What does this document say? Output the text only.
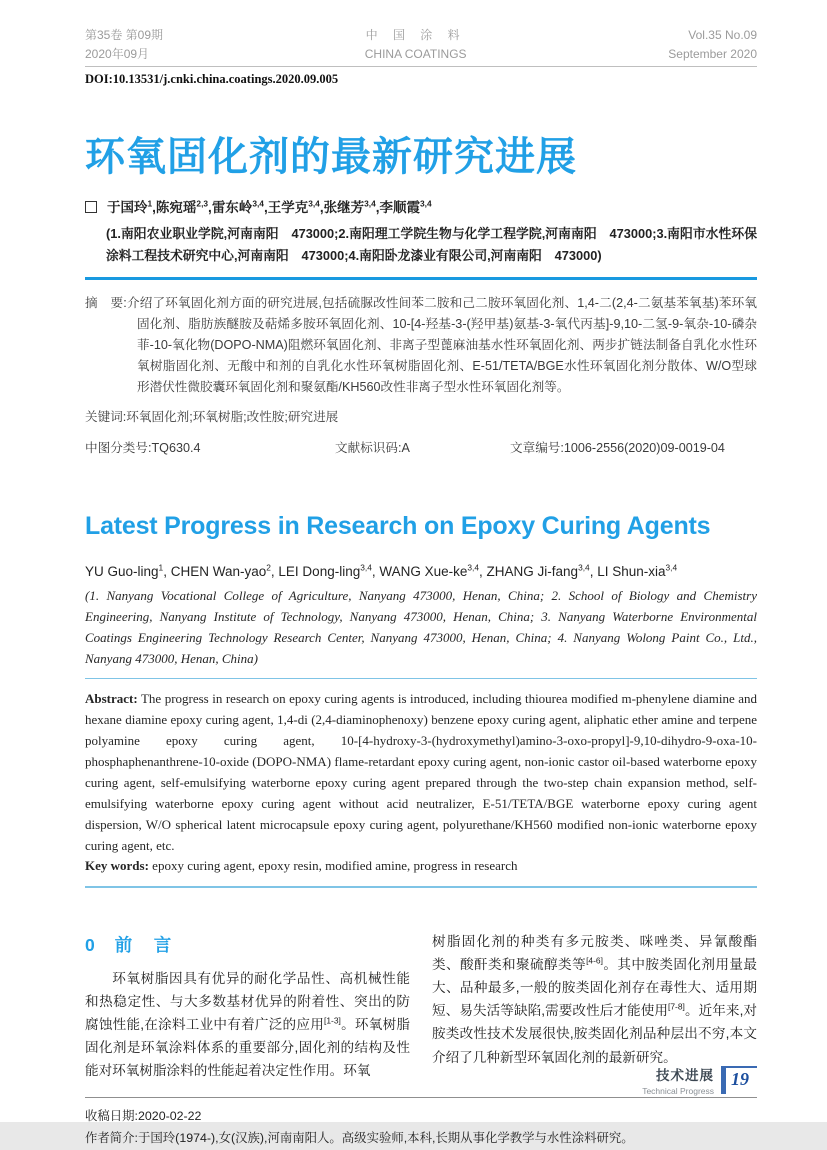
第35卷 第09期
2020年09月
中 国 涂 料
CHINA COATINGS
Vol.35 No.09
September 2020
DOI:10.13531/j.cnki.china.coatings.2020.09.005
环氧固化剂的最新研究进展
于国玲$^1$,陈宛瑶$^{2,3}$,雷东岭$^{3,4}$,王学克$^{3,4}$,张继芳$^{3,4}$,李顺霞$^{3,4}$
(1.南阳农业职业学院,河南南阳　473000;2.南阳理工学院生物与化学工程学院,河南南阳　473000;3.南阳市水性环保涂料工程技术研究中心,河南南阳　473000;4.南阳卧龙漆业有限公司,河南南阳　473000)
摘　要:介绍了环氧固化剂方面的研究进展,包括硫脲改性间苯二胺和己二胺环氧固化剂、1,4-二(2,4-二氨基苯氧基)苯环氧固化剂、脂肪族醚胺及萜烯多胺环氧固化剂、10-[4-羟基-3-(羟甲基)氨基-3-氧代丙基]-9,10-二氢-9-氧杂-10-磷杂菲-10-氧化物(DOPO-NMA)阻燃环氧固化剂、非离子型蓖麻油基水性环氧固化剂、两步扩链法制备自乳化水性环氧树脂固化剂、无酸中和剂的自乳化水性环氧树脂固化剂、E-51/TETA/BGE水性环氧固化剂分散体、W/O型球形潜伏性微胶囊环氧固化剂和聚氨酯/KH560改性非离子型水性环氧固化剂等。
关键词:环氧固化剂;环氧树脂;改性胺;研究进展
中图分类号:TQ630.4	文献标识码:A	文章编号:1006-2556(2020)09-0019-04
Latest Progress in Research on Epoxy Curing Agents
YU Guo-ling$^1$, CHEN Wan-yao$^2$, LEI Dong-ling$^{3,4}$, WANG Xue-ke$^{3,4}$, ZHANG Ji-fang$^{3,4}$, LI Shun-xia$^{3,4}$
(1. Nanyang Vocational College of Agriculture, Nanyang 473000, Henan, China; 2. School of Biology and Chemistry Engineering, Nanyang Institute of Technology, Nanyang 473000, Henan, China; 3. Nanyang Waterborne Environmental Coatings Engineering Technology Research Center, Nanyang 473000, Henan, China; 4. Nanyang Wolong Paint Co., Ltd., Nanyang 473000, Henan, China)
Abstract: The progress in research on epoxy curing agents is introduced, including thiourea modified m-phenylene diamine and hexane diamine epoxy curing agent, 1,4-di (2,4-diaminophenoxy) benzene epoxy curing agent, aliphatic ether amine and terpene polyamine epoxy curing agent, 10-[4-hydroxy-3-(hydroxymethyl)amino-3-oxo-propyl]-9,10-dihydro-9-oxa-10-phosphaphenanthrene-10-oxide (DOPO-NMA) flame-retardant epoxy curing agent, non-ionic castor oil-based waterborne epoxy curing agent, self-emulsifying waterborne epoxy curing agent prepared through the two-step chain expansion method, self-emulsifying waterborne epoxy curing agent without acid neutralizer, E-51/TETA/BGE waterborne epoxy curing agent dispersion, W/O spherical latent microcapsule epoxy curing agent, polyurethane/KH560 modified non-ionic waterborne epoxy curing agent, etc.
Key words: epoxy curing agent, epoxy resin, modified amine, progress in research
0 前　言

环氧树脂因具有优异的耐化学品性、高机械性能和热稳定性、与大多数基材优异的附着性、突出的防腐蚀性能,在涂料工业中有着广泛的应用[1-3]。环氧树脂固化剂是环氧涂料体系的重要部分,固化剂的结构及性能对环氧树脂涂料的性能起着决定性作用。环氧

树脂固化剂的种类有多元胺类、咪唑类、异氰酸酯类、酸酐类和聚硫醇类等[4-6]。其中胺类固化剂用量最大、品种最多,一般的胺类固化剂存在毒性大、适用期短、易失活等缺陷,需要改性后才能使用[7-8]。近年来,对胺类改性技术发展很快,胺类固化剂品种层出不穷,本文介绍了几种新型环氧固化剂的最新研究。

收稿日期:2020-02-22
作者简介:于国玲(1974-),女(汉族),河南南阳人。高级实验师,本科,长期从事化学教学与水性涂料研究。
技术进展
Technical Progress
19
